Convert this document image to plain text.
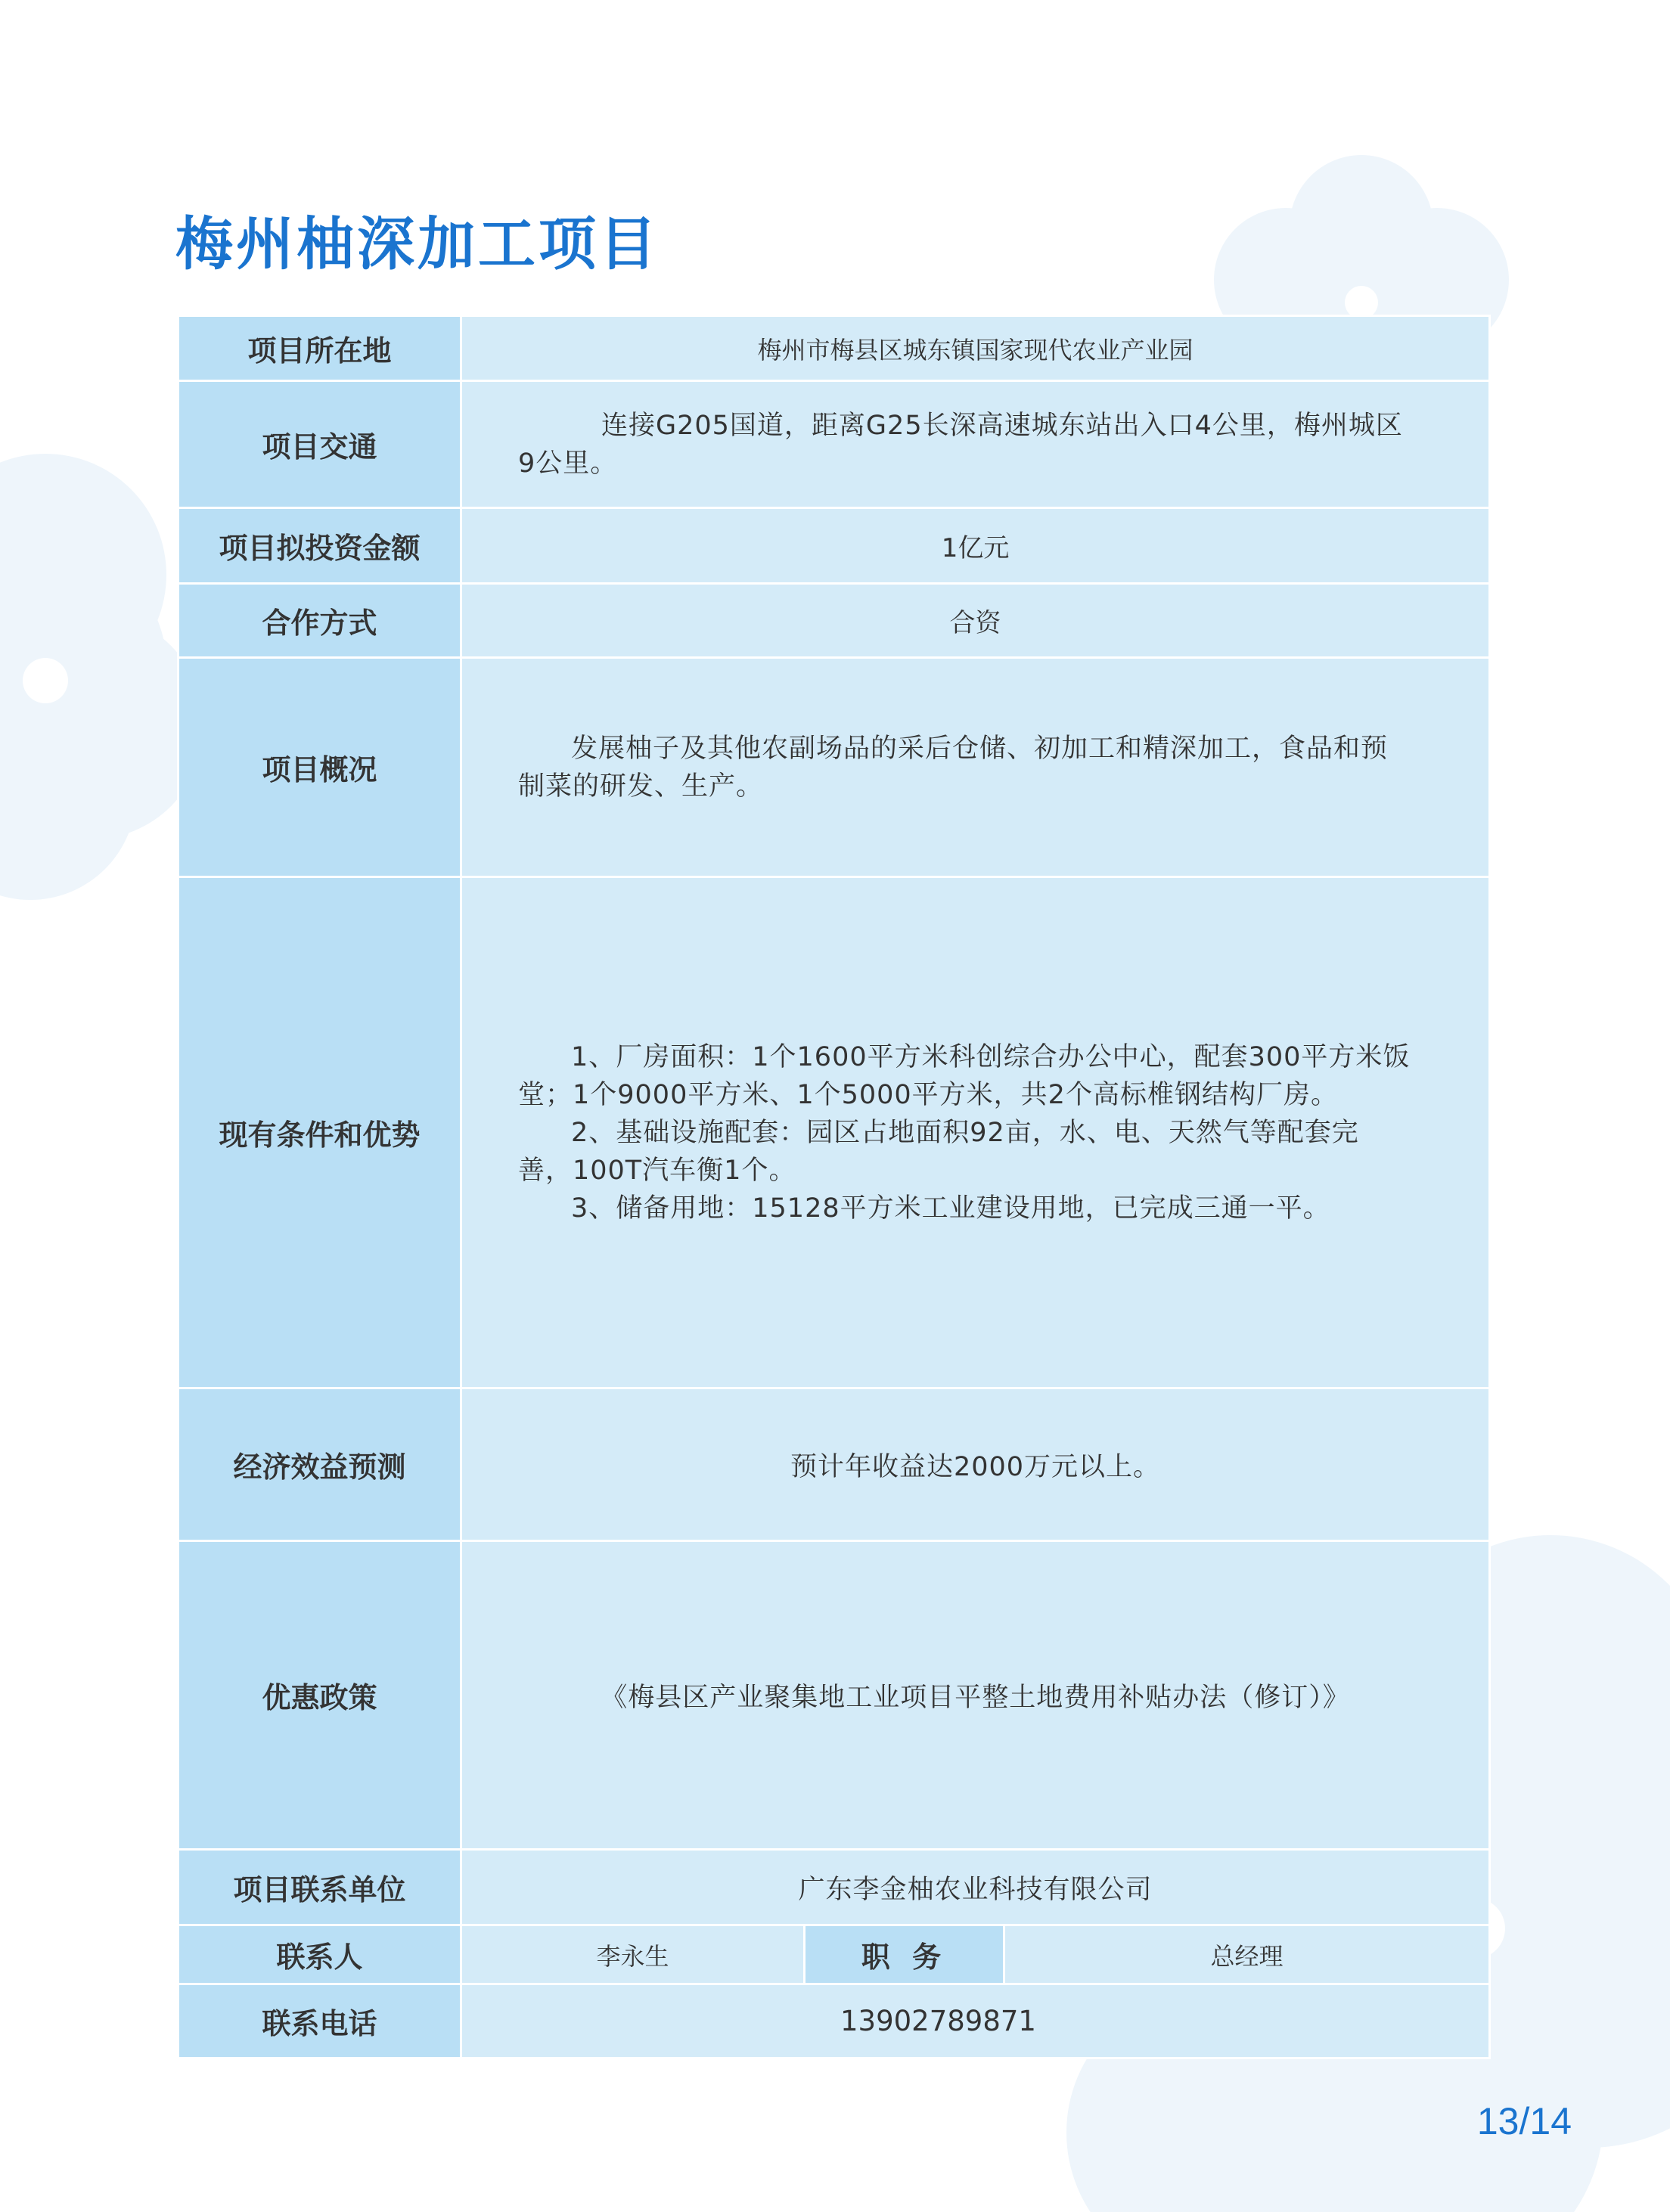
梅州柚深加工项目
项目所在地	梅州市梅县区城东镇国家现代农业产业园		
项目交通	连接G205国道，距离G25长深高速城东站出入口4公里，梅州城区

9公里。		

项目拟投资金额	1亿元		
合作方式	合资		
项目概况	发展柚子及其他农副场品的采后仓储、初加工和精深加工，食品和预

制菜的研发、生产。		

现有条件和优势	1、厂房面积：1个1600平方米科创综合办公中心，配套300平方米饭

堂；1个9000平方米、1个5000平方米，共2个高标椎钢结构厂房。

2、基础设施配套：园区占地面积92亩，水、电、天然气等配套完

善，100T汽车衡1个。

3、储备用地：15128平方米工业建设用地，已完成三通一平。		

经济效益预测	预计年收益达2000万元以上。		
优惠政策	《梅县区产业聚集地工业项目平整土地费用补贴办法（修订）》		
项目联系单位	广东李金柚农业科技有限公司		
联系人	李永生	职 务	总经理
联系电话	13902789871		
13/14
